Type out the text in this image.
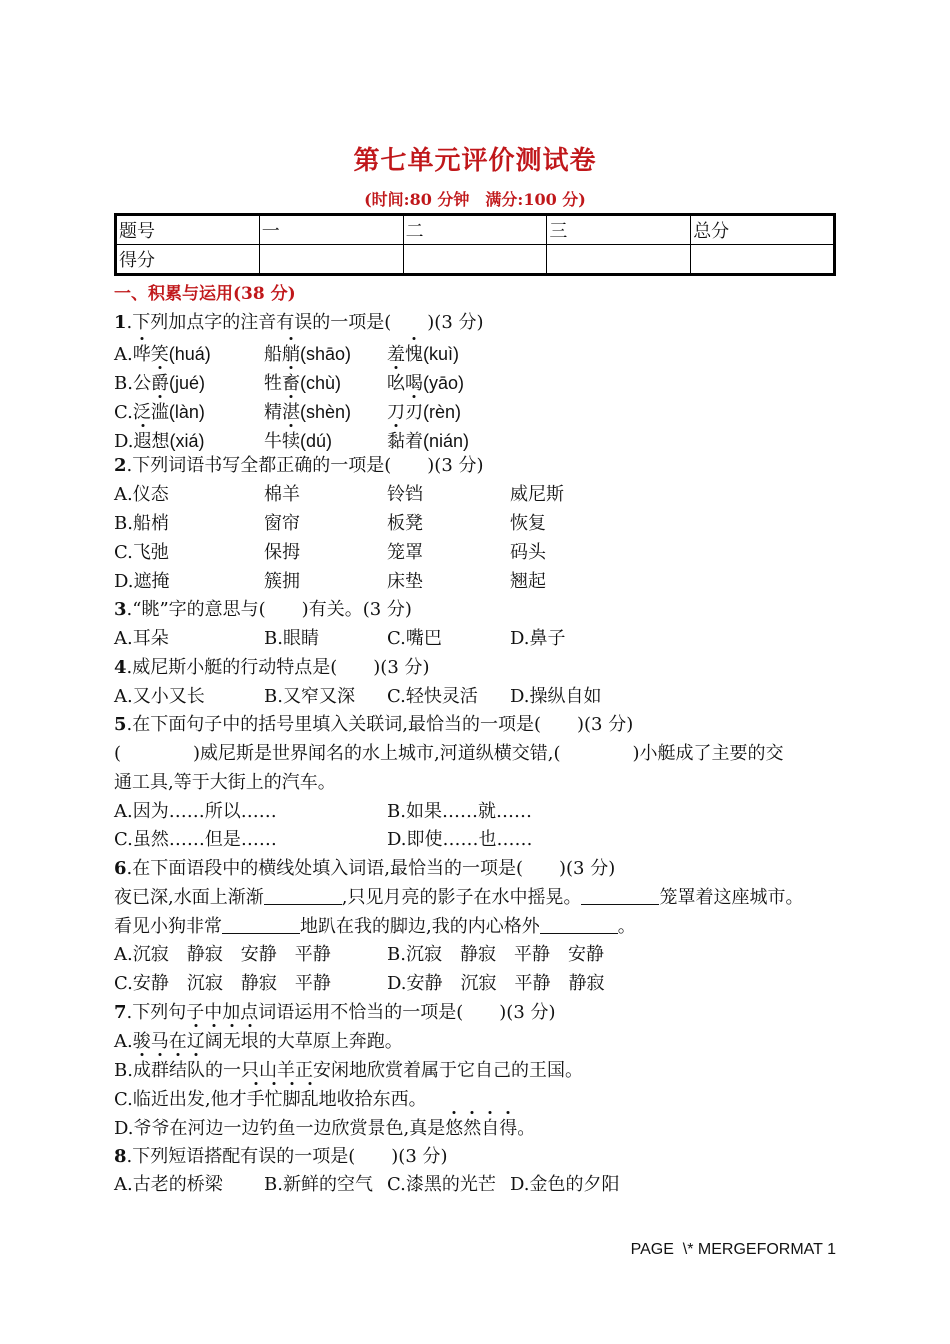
第七单元评价测试卷
(时间:80 分钟　满分:100 分)
题号	一	二	三	总分
得分				
一、积累与运用(38 分)
1.下列加点字的注音有误的一项是(　　)(3 分)
A.哗笑(huá)	船艄(shāo) 羞愧(kuì)
B.公爵(jué)	牲畜(chù)	吆喝(yāo)
C.泛滥(làn)	精湛(shèn) 刀刃(rèn)
D.遐想(xiá)	牛犊(dú)	黏着(nián)
2.下列词语书写全都正确的一项是(　　)(3 分)
A.仪态	棉羊	铃铛	威尼斯
B.船梢	窗帘	板凳	恢复
C.飞弛	保拇	笼罩	码头
D.遮掩	簇拥	床垫	翘起
3.“眺”字的意思与(　　)有关。(3 分)
A.耳朵	B.眼睛	C.嘴巴	D.鼻子
4.威尼斯小艇的行动特点是(　　)(3 分)
A.又小又长	B.又窄又深 C.轻快灵活 D.操纵自如
5.在下面句子中的括号里填入关联词,最恰当的一项是(　　)(3 分)
(　　　　)威尼斯是世界闻名的水上城市,河道纵横交错,(　　　　)小艇成了主要的交
通工具,等于大街上的汽车。
A.因为……所以……	B.如果……就……
C.虽然……但是……	D.即使……也……
6.在下面语段中的横线处填入词语,最恰当的一项是(　　)(3 分)
夜已深,水面上渐渐	,只见月亮的影子在水中摇晃。	笼罩着这座城市。
看见小狗非常	地趴在我的脚边,我的内心格外	。
A.沉寂　静寂　安静　平静	B.沉寂　静寂　平静　安静
C.安静　沉寂　静寂　平静	D.安静　沉寂　平静　静寂
7.下列句子中加点词语运用不恰当的一项是(　　)(3 分)
A.骏马在辽阔无垠的大草原上奔跑。
B.成群结队的一只山羊正安闲地欣赏着属于它自己的王国。
C.临近出发,他才手忙脚乱地收拾东西。
D.爷爷在河边一边钓鱼一边欣赏景色,真是悠然自得。
8.下列短语搭配有误的一项是(　　)(3 分)
A.古老的桥梁 B.新鲜的空气 C.漆黑的光芒 D.金色的夕阳
PAGE  \* MERGEFORMAT 1
